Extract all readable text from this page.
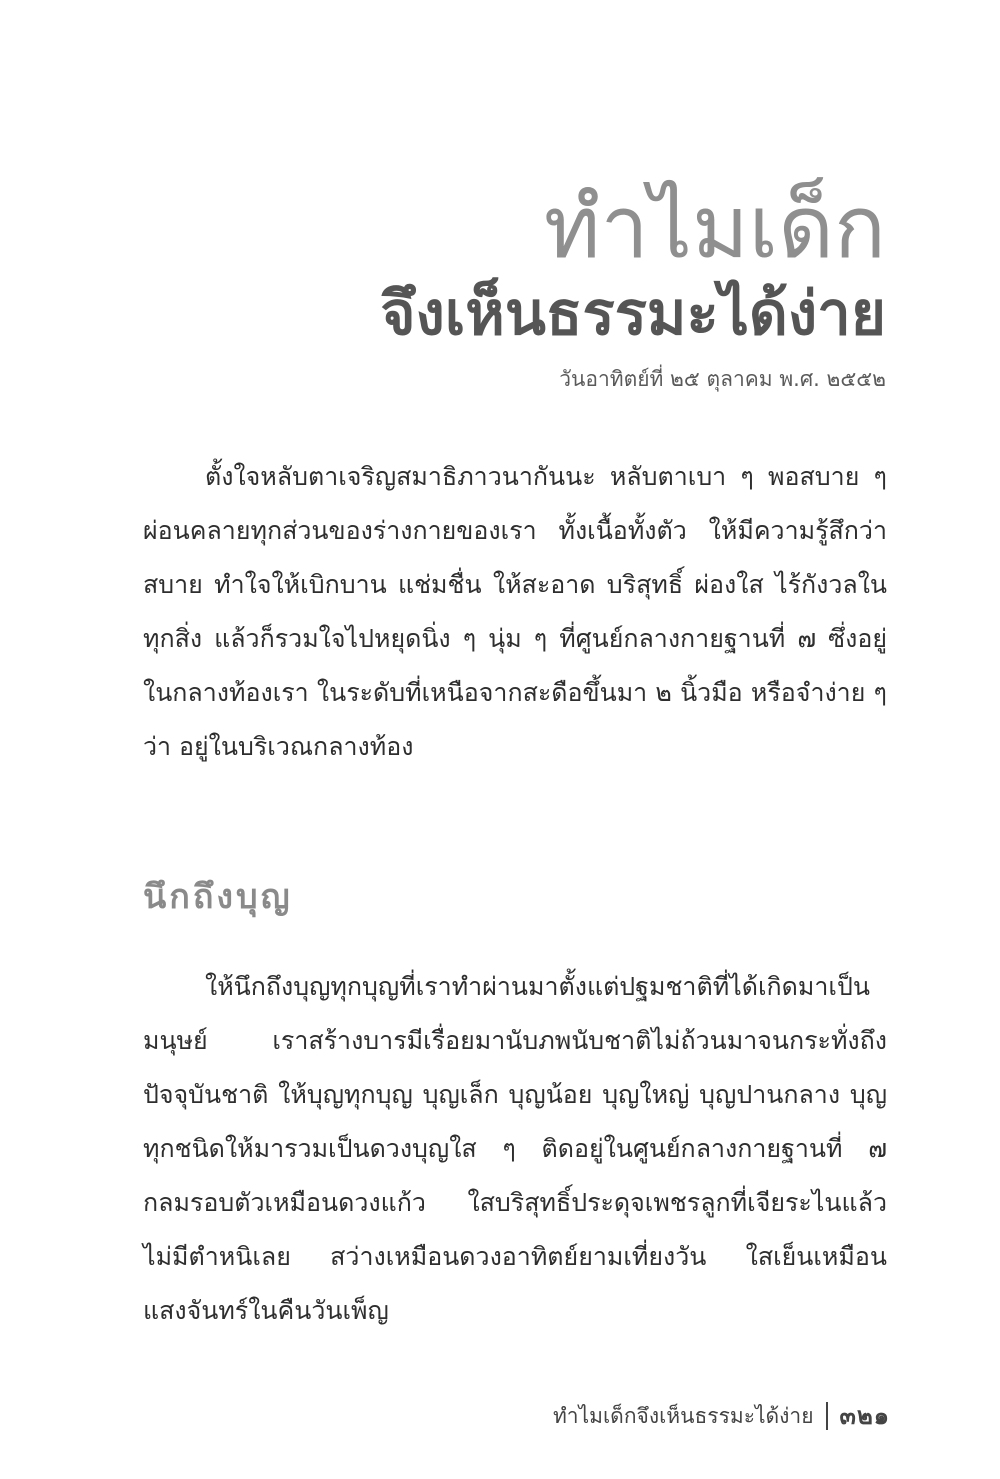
ทำไมเด็ก
จึงเห็นธรรมะได้ง่าย
วันอาทิตย์ที่ ๒๕ ตุลาคม พ.ศ. ๒๕๕๒

ตั้งใจหลับตาเจริญสมาธิภาวนากันนะ หลับตาเบา ๆ พอสบาย ๆ ผ่อนคลายทุกส่วนของร่างกายของเรา ทั้งเนื้อทั้งตัว ให้มีความรู้สึกว่าสบาย ทำใจให้เบิกบาน แช่มชื่น ให้สะอาด บริสุทธิ์ ผ่องใส ไร้กังวลในทุกสิ่ง แล้วก็รวมใจไปหยุดนิ่ง ๆ นุ่ม ๆ ที่ศูนย์กลางกายฐานที่ ๗ ซึ่งอยู่ในกลางท้องเรา ในระดับที่เหนือจากสะดือขึ้นมา ๒ นิ้วมือ หรือจำง่าย ๆ ว่า อยู่ในบริเวณกลางท้อง

นึกถึงบุญ

ให้นึกถึงบุญทุกบุญที่เราทำผ่านมาตั้งแต่ปฐมชาติที่ได้เกิดมาเป็นมนุษย์ เราสร้างบารมีเรื่อยมานับภพนับชาติไม่ถ้วนมาจนกระทั่งถึงปัจจุบันชาติ ให้บุญทุกบุญ บุญเล็ก บุญน้อย บุญใหญ่ บุญปานกลาง บุญทุกชนิดให้มารวมเป็นดวงบุญใส ๆ ติดอยู่ในศูนย์กลางกายฐานที่ ๗ กลมรอบตัวเหมือนดวงแก้ว ใสบริสุทธิ์ประดุจเพชรลูกที่เจียระไนแล้วไม่มีตำหนิเลย สว่างเหมือนดวงอาทิตย์ยามเที่ยงวัน ใสเย็นเหมือนแสงจันทร์ในคืนวันเพ็ญ

ทำไมเด็กจึงเห็นธรรมะได้ง่าย ๓๒๑
